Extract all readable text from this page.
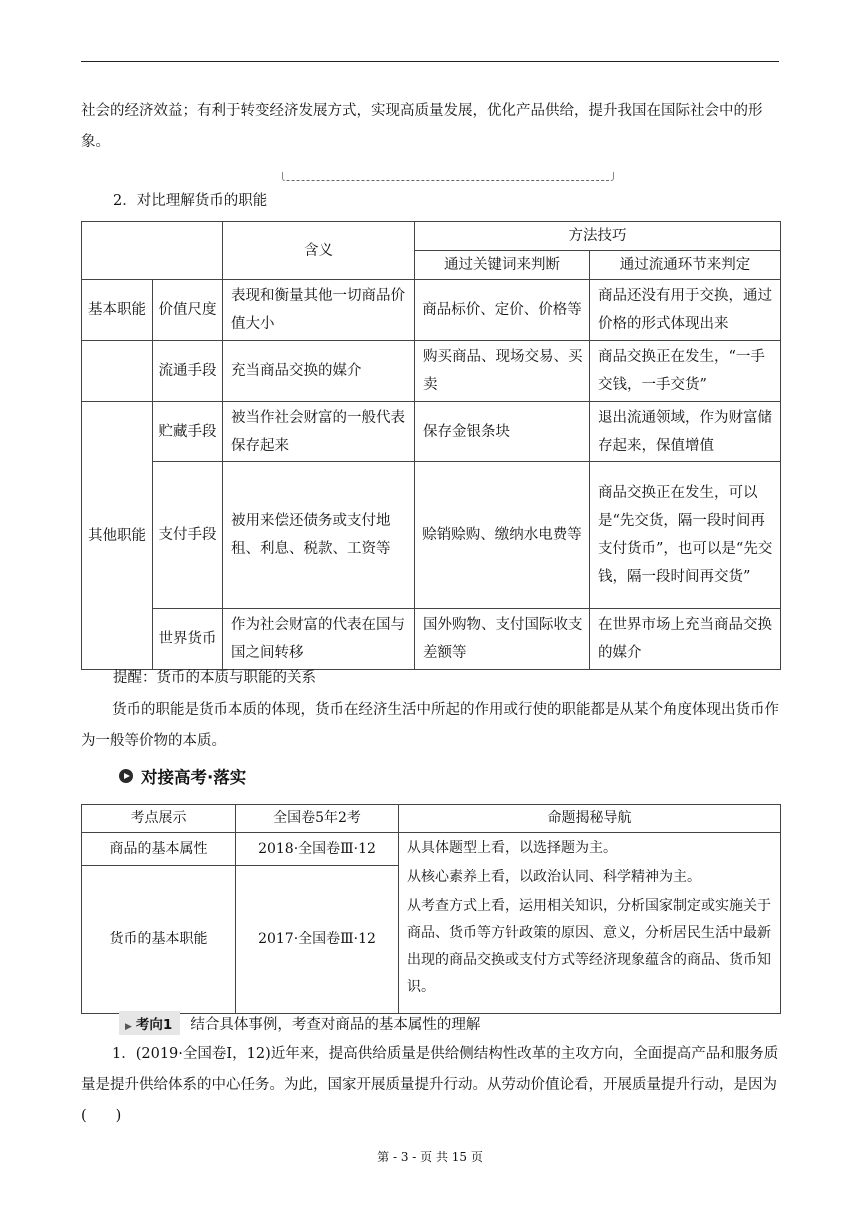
社会的经济效益；有利于转变经济发展方式，实现高质量发展，优化产品供给，提升我国在国际社会中的形象。
2．对比理解货币的职能
		含义	方法技巧	
			通过关键词来判断	通过流通环节来判定
基本职能	价值尺度	表现和衡量其他一切商品价值大小	商品标价、定价、价格等	商品还没有用于交换，通过价格的形式体现出来
	流通手段	充当商品交换的媒介	购买商品、现场交易、买卖	商品交换正在发生，“一手交钱，一手交货”
其他职能	贮藏手段	被当作社会财富的一般代表保存起来	保存金银条块	退出流通领域，作为财富储存起来，保值增值
	支付手段	被用来偿还债务或支付地租、利息、税款、工资等	赊销赊购、缴纳水电费等	商品交换正在发生，可以是“先交货，隔一段时间再支付货币”，也可以是“先交钱，隔一段时间再交货”
	世界货币	作为社会财富的代表在国与国之间转移	国外购物、支付国际收支差额等	在世界市场上充当商品交换的媒介
提醒：货币的本质与职能的关系
货币的职能是货币本质的体现，货币在经济生活中所起的作用或行使的职能都是从某个角度体现出货币作为一般等价物的本质。
对接高考·落实
考点展示	全国卷5年2考	命题揭秘导航
商品的基本属性	2018·全国卷Ⅲ·12	从具体题型上看，以选择题为主。
从核心素养上看，以政治认同、科学精神为主。
从考查方式上看，运用相关知识，分析国家制定或实施关于商品、货币等方针政策的原因、意义，分析居民生活中最新出现的商品交换或支付方式等经济现象蕴含的商品、货币知识。

货币的基本职能	2017·全国卷Ⅲ·12	
▶ 考向1	结合具体事例，考查对商品的基本属性的理解
1．(2019·全国卷Ⅰ，12)近年来，提高供给质量是供给侧结构性改革的主攻方向，全面提高产品和服务质量是提升供给体系的中心任务。为此，国家开展质量提升行动。从劳动价值论看，开展质量提升行动，是因为(　　)
第 - 3 - 页 共 15 页
